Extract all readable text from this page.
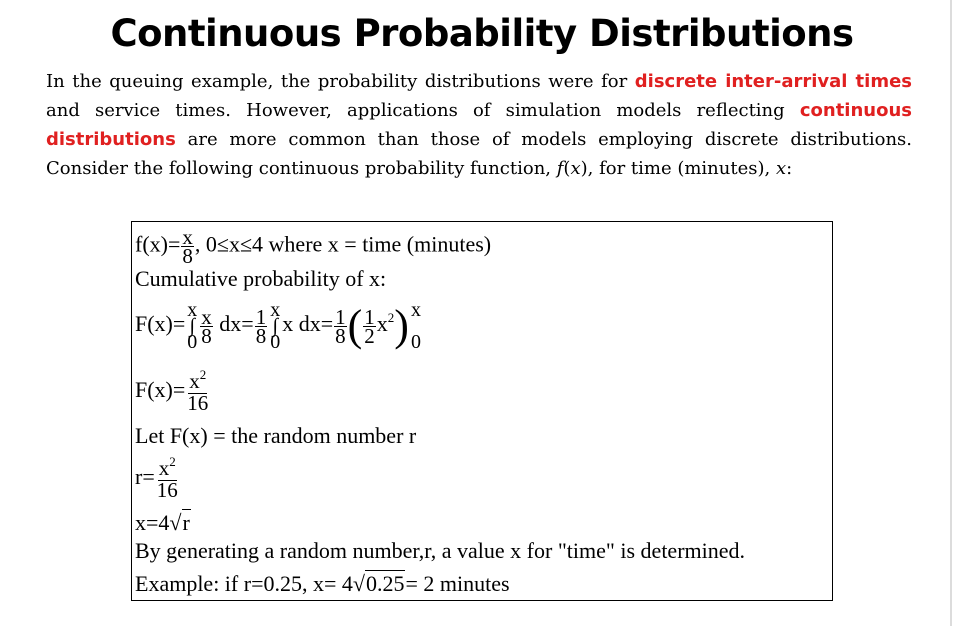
Continuous Probability Distributions
In the queuing example, the probability distributions were for discrete inter-arrival times and service times. However, applications of simulation models reflecting continuous distributions are more common than those of models employing discrete distributions. Consider the following continuous probability function, f(x), for time (minutes), x:
$f(x)= \frac{x}{8}$ , 0≤x≤4 where x = time (minutes)
Cumulative probability of x:
F(x)=
x
∫
$0 \frac{x}{8} dx= \frac{1}{8}$ x
∫
0
x $dx= \frac{1}{8}$ ( $\frac{1}{2} x^2$) x
0
$F(x)= \frac{x^2}{16}$
Let F(x) = the random number r
$r= \frac{x^2}{16}$
x=4√r
By generating a random number,r, a value x for "time" is determined.
Example: if r=0.25, x= 4√0.25= 2 minutes
